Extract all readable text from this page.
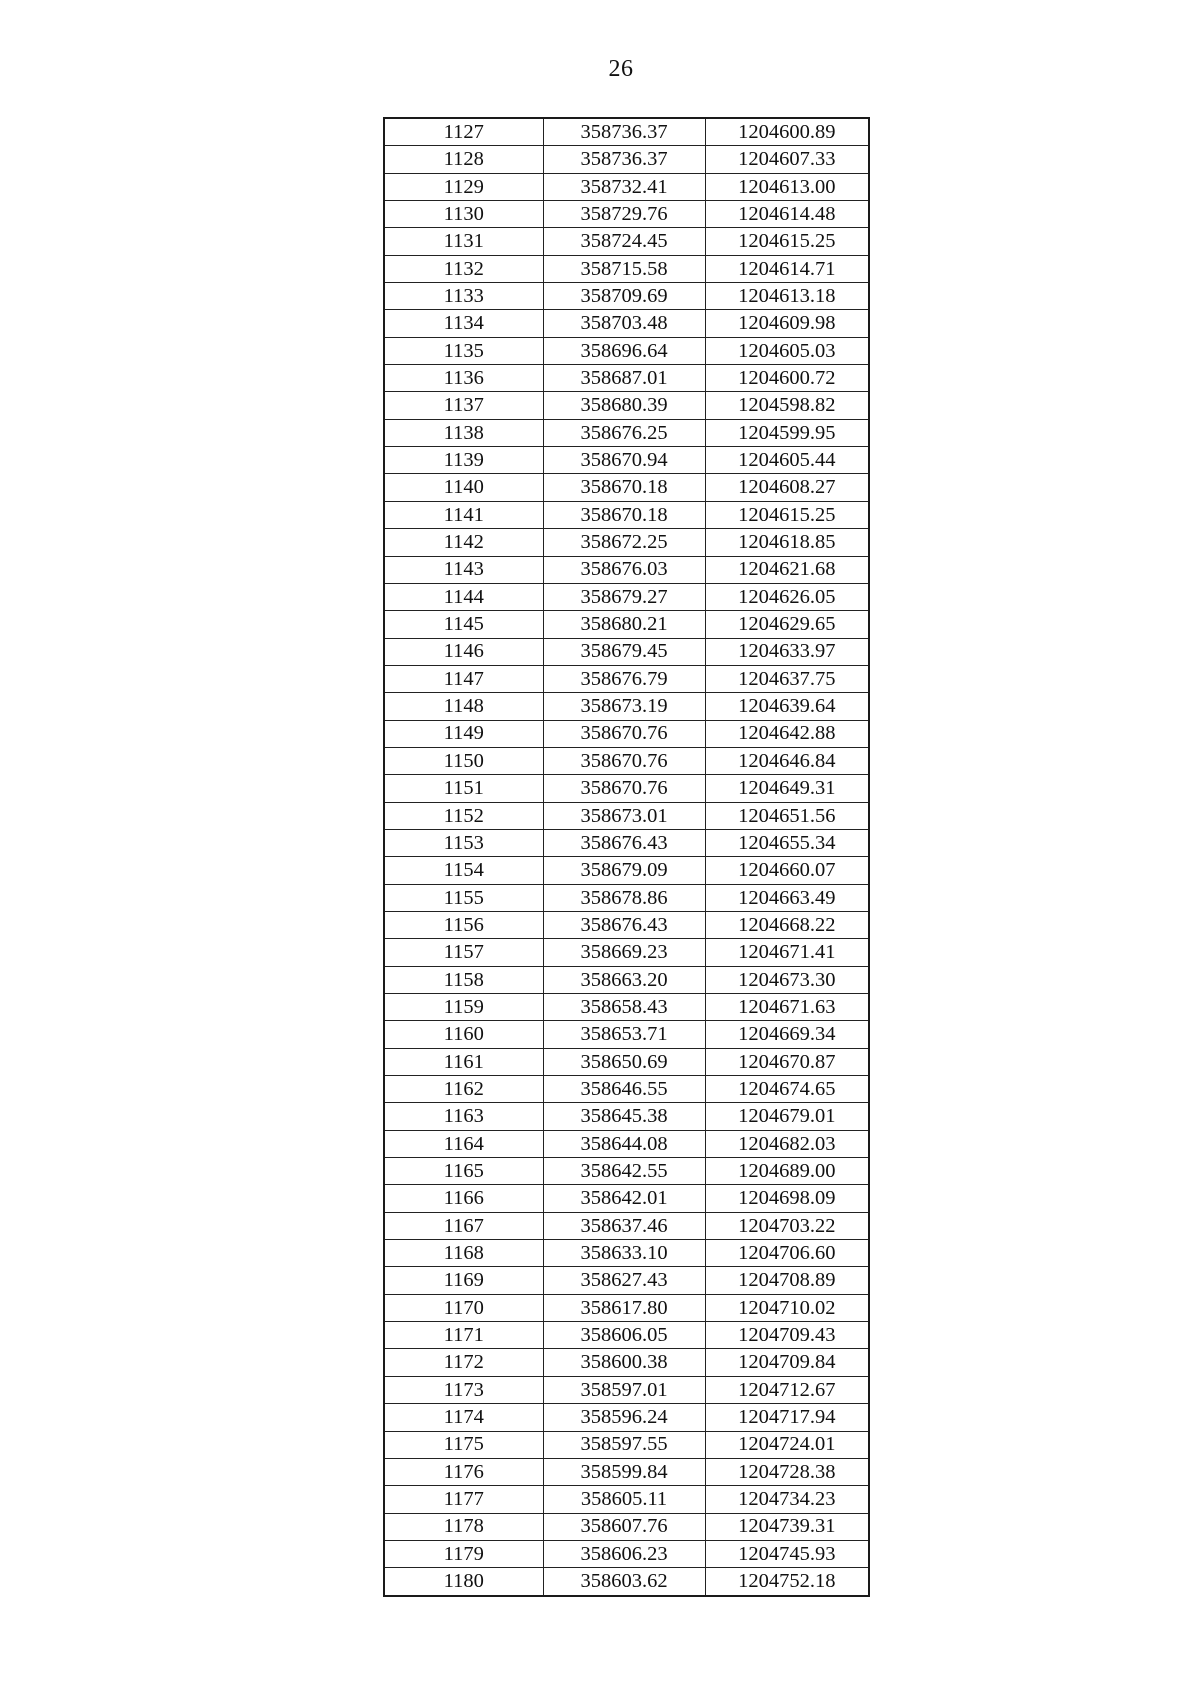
26
1127	358736.37	1204600.89
1128	358736.37	1204607.33
1129	358732.41	1204613.00
1130	358729.76	1204614.48
1131	358724.45	1204615.25
1132	358715.58	1204614.71
1133	358709.69	1204613.18
1134	358703.48	1204609.98
1135	358696.64	1204605.03
1136	358687.01	1204600.72
1137	358680.39	1204598.82
1138	358676.25	1204599.95
1139	358670.94	1204605.44
1140	358670.18	1204608.27
1141	358670.18	1204615.25
1142	358672.25	1204618.85
1143	358676.03	1204621.68
1144	358679.27	1204626.05
1145	358680.21	1204629.65
1146	358679.45	1204633.97
1147	358676.79	1204637.75
1148	358673.19	1204639.64
1149	358670.76	1204642.88
1150	358670.76	1204646.84
1151	358670.76	1204649.31
1152	358673.01	1204651.56
1153	358676.43	1204655.34
1154	358679.09	1204660.07
1155	358678.86	1204663.49
1156	358676.43	1204668.22
1157	358669.23	1204671.41
1158	358663.20	1204673.30
1159	358658.43	1204671.63
1160	358653.71	1204669.34
1161	358650.69	1204670.87
1162	358646.55	1204674.65
1163	358645.38	1204679.01
1164	358644.08	1204682.03
1165	358642.55	1204689.00
1166	358642.01	1204698.09
1167	358637.46	1204703.22
1168	358633.10	1204706.60
1169	358627.43	1204708.89
1170	358617.80	1204710.02
1171	358606.05	1204709.43
1172	358600.38	1204709.84
1173	358597.01	1204712.67
1174	358596.24	1204717.94
1175	358597.55	1204724.01
1176	358599.84	1204728.38
1177	358605.11	1204734.23
1178	358607.76	1204739.31
1179	358606.23	1204745.93
1180	358603.62	1204752.18
